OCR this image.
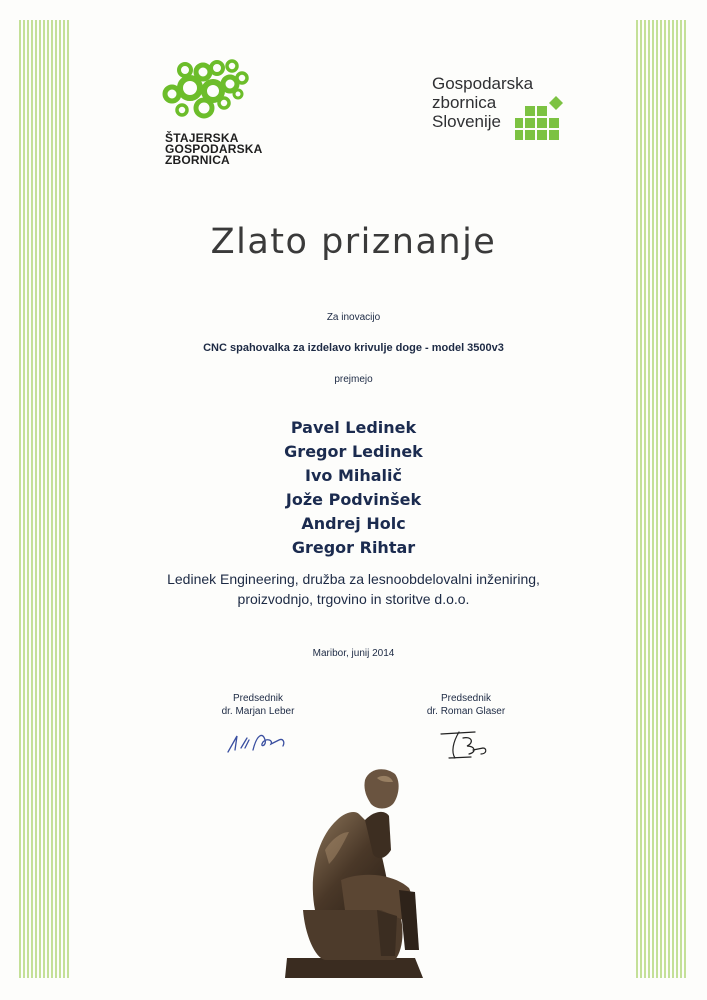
ŠTAJERSKA
GOSPODARSKA
ZBORNICA
Gospodarska
zbornica
Slovenije
Zlato priznanje
Za inovacijo
CNC spahovalka za izdelavo krivulje doge - model 3500v3
prejmejo
Pavel Ledinek
Gregor Ledinek
Ivo Mihalič
Jože Podvinšek
Andrej Holc
Gregor Rihtar
Ledinek Engineering, družba za lesnoobdelovalni inženiring,
proizvodnjo, trgovino in storitve d.o.o.
Maribor, junij 2014
Predsednik
dr. Marjan Leber
Predsednik
dr. Roman Glaser
